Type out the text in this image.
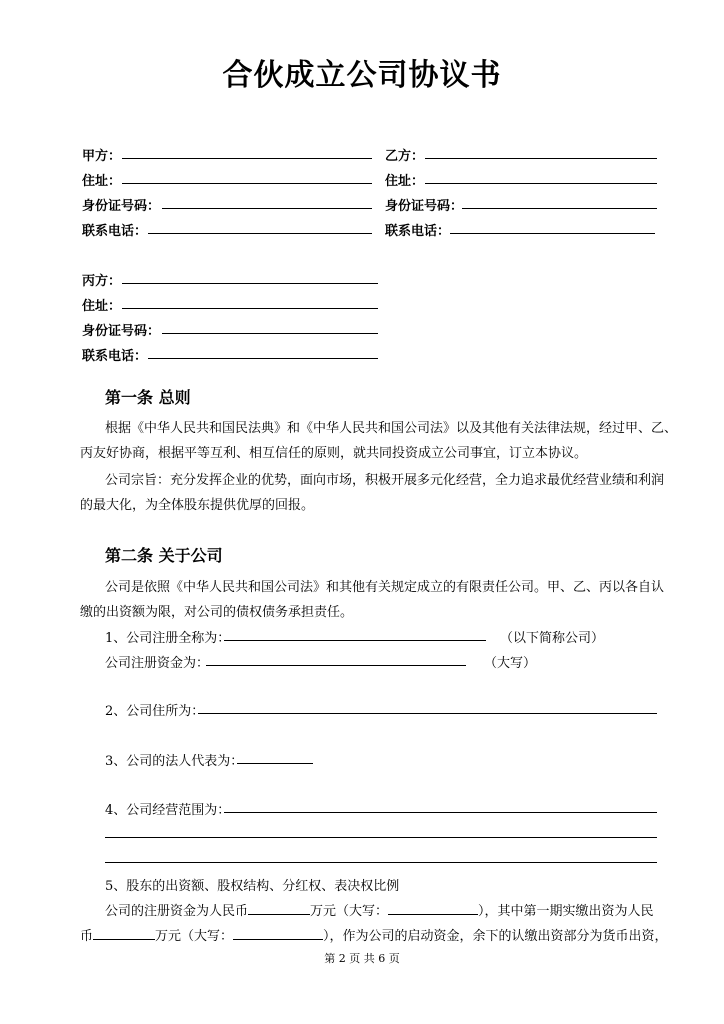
合伙成立公司协议书
甲方：
住址：
身份证号码：
联系电话：
乙方：
住址：
身份证号码：
联系电话：
丙方：
住址：
身份证号码：
联系电话：
第一条 总则
根据《中华人民共和国民法典》和《中华人民共和国公司法》以及其他有关法律法规，经过甲、乙、
丙友好协商，根据平等互利、相互信任的原则，就共同投资成立公司事宜，订立本协议。
公司宗旨：充分发挥企业的优势，面向市场，积极开展多元化经营，全力追求最优经营业绩和利润
的最大化，为全体股东提供优厚的回报。
第二条 关于公司
公司是依照《中华人民共和国公司法》和其他有关规定成立的有限责任公司。甲、乙、丙以各自认
缴的出资额为限，对公司的债权债务承担责任。
1、公司注册全称为：	（以下简称公司）
公司注册资金为：	（大写）
2、公司住所为：
3、公司的法人代表为：
4、公司经营范围为：
5、股东的出资额、股权结构、分红权、表决权比例
公司的注册资金为人民币	万元（大写：	），其中第一期实缴出资为人民
币	万元（大写：	），作为公司的启动资金，余下的认缴出资部分为货币出资，
第 2 页 共 6 页
